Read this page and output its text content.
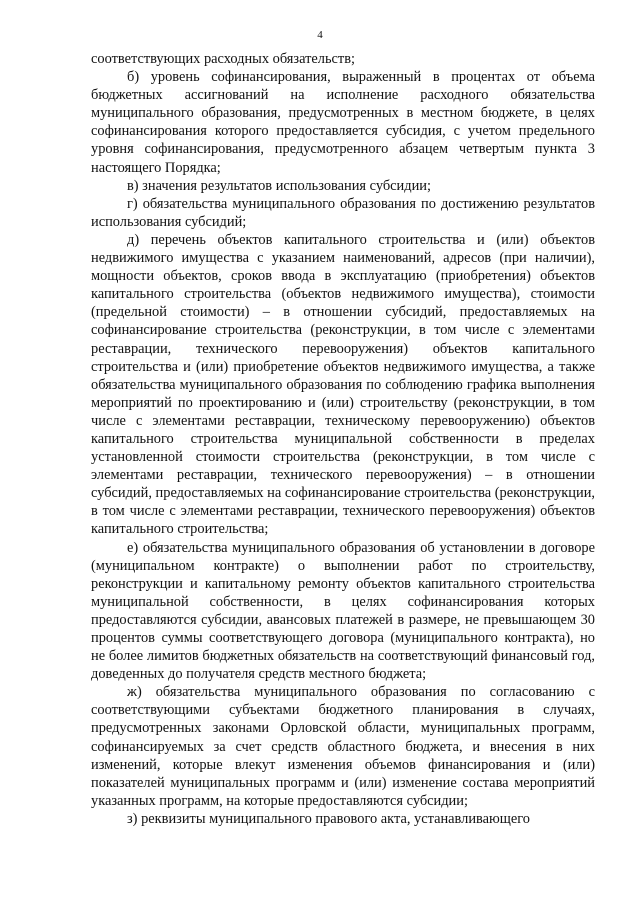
4

соответствующих расходных обязательств;

б) уровень софинансирования, выраженный в процентах от объема бюджетных ассигнований на исполнение расходного обязательства муниципального образования, предусмотренных в местном бюджете, в целях софинансирования которого предоставляется субсидия, с учетом предельного уровня софинансирования, предусмотренного абзацем четвертым пункта 3 настоящего Порядка;

в) значения результатов использования субсидии;

г) обязательства муниципального образования по достижению результатов использования субсидий;

д) перечень объектов капитального строительства и (или) объектов недвижимого имущества с указанием наименований, адресов (при наличии), мощности объектов, сроков ввода в эксплуатацию (приобретения) объектов капитального строительства (объектов недвижимого имущества), стоимости (предельной стоимости) – в отношении субсидий, предоставляемых на софинансирование строительства (реконструкции, в том числе с элементами реставрации, технического перевооружения) объектов капитального строительства и (или) приобретение объектов недвижимого имущества, а также обязательства муниципального образования по соблюдению графика выполнения мероприятий по проектированию и (или) строительству (реконструкции, в том числе с элементами реставрации, техническому перевооружению) объектов капитального строительства муниципальной собственности в пределах установленной стоимости строительства (реконструкции, в том числе с элементами реставрации, технического перевооружения) – в отношении субсидий, предоставляемых на софинансирование строительства (реконструкции, в том числе с элементами реставрации, технического перевооружения) объектов капитального строительства;

е) обязательства муниципального образования об установлении в договоре (муниципальном контракте) о выполнении работ по строительству, реконструкции и капитальному ремонту объектов капитального строительства муниципальной собственности, в целях софинансирования которых предоставляются субсидии, авансовых платежей в размере, не превышающем 30 процентов суммы соответствующего договора (муниципального контракта), но не более лимитов бюджетных обязательств на соответствующий финансовый год, доведенных до получателя средств местного бюджета;

ж) обязательства муниципального образования по согласованию с соответствующими субъектами бюджетного планирования в случаях, предусмотренных законами Орловской области, муниципальных программ, софинансируемых за счет средств областного бюджета, и внесения в них изменений, которые влекут изменения объемов финансирования и (или) показателей муниципальных программ и (или) изменение состава мероприятий указанных программ, на которые предоставляются субсидии;

з) реквизиты муниципального правового акта, устанавливающего
